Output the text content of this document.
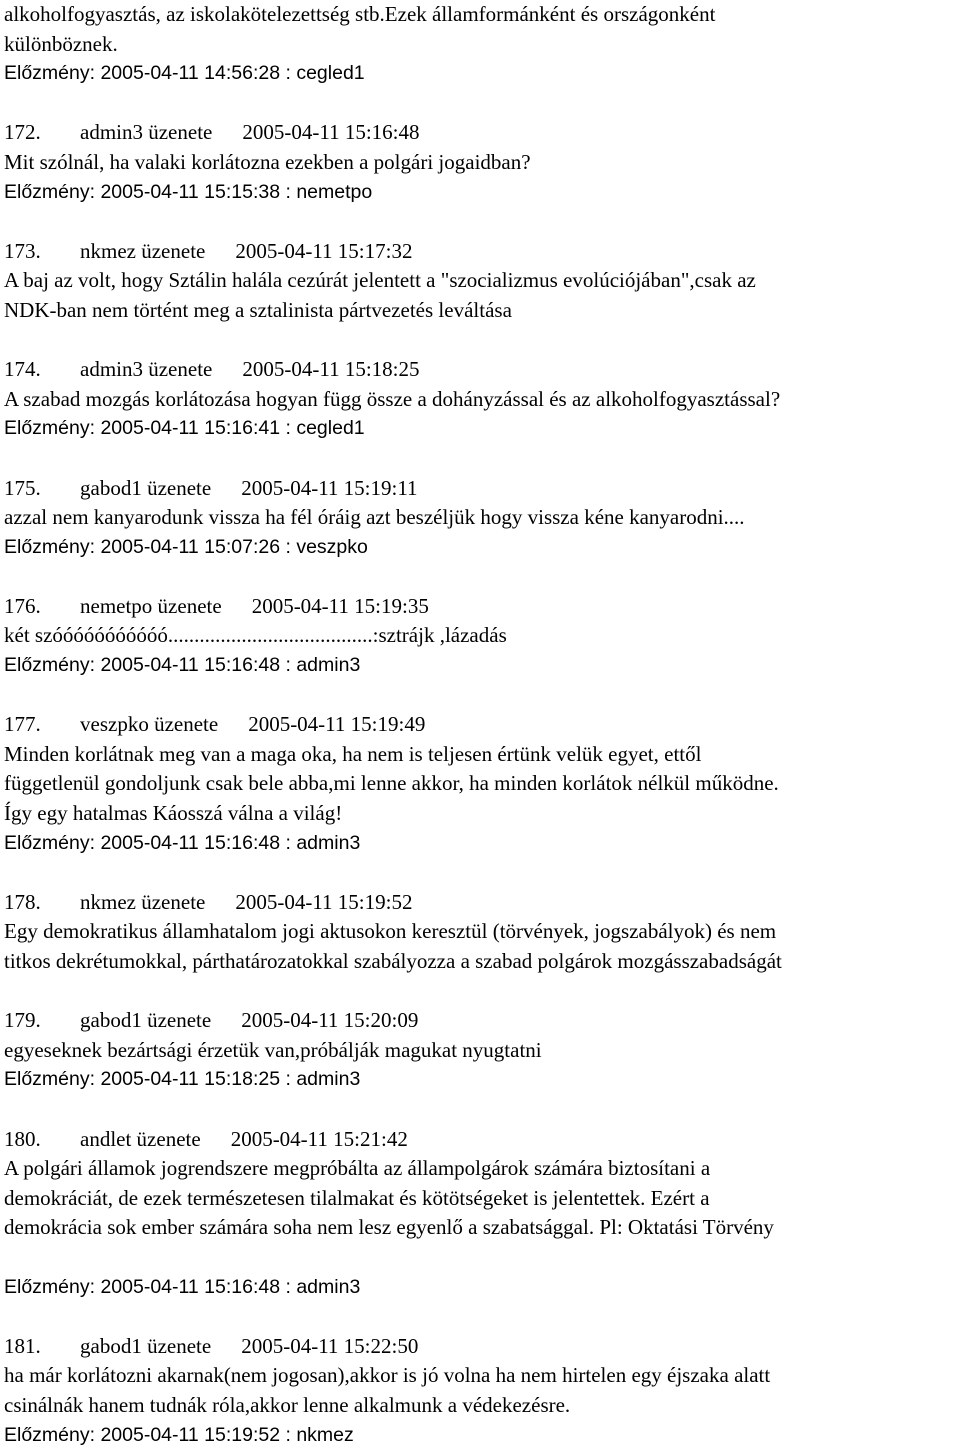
alkoholfogyasztás, az iskolakötelezettség stb.Ezek államformánként és országonként
különböznek.
Előzmény: 2005-04-11 14:56:28 : cegled1
172. admin3 üzenete 2005-04-11 15:16:48
Mit szólnál, ha valaki korlátozna ezekben a polgári jogaidban?
Előzmény: 2005-04-11 15:15:38 : nemetpo
173. nkmez üzenete 2005-04-11 15:17:32
A baj az volt, hogy Sztálin halála cezúrát jelentett a "szocializmus evolúciójában",csak az
NDK-ban nem történt meg a sztalinista pártvezetés leváltása
174. admin3 üzenete 2005-04-11 15:18:25
A szabad mozgás korlátozása hogyan függ össze a dohányzással és az alkoholfogyasztással?
Előzmény: 2005-04-11 15:16:41 : cegled1
175. gabod1 üzenete 2005-04-11 15:19:11
azzal nem kanyarodunk vissza ha fél óráig azt beszéljük hogy vissza kéne kanyarodni....
Előzmény: 2005-04-11 15:07:26 : veszpko
176. nemetpo üzenete 2005-04-11 15:19:35
két szóóóóóóóóóóó.......................................:sztrájk ,lázadás
Előzmény: 2005-04-11 15:16:48 : admin3
177. veszpko üzenete 2005-04-11 15:19:49
Minden korlátnak meg van a maga oka, ha nem is teljesen értünk velük egyet, ettől
függetlenül gondoljunk csak bele abba,mi lenne akkor, ha minden korlátok nélkül működne.
Így egy hatalmas Káosszá válna a világ!
Előzmény: 2005-04-11 15:16:48 : admin3
178. nkmez üzenete 2005-04-11 15:19:52
Egy demokratikus államhatalom jogi aktusokon keresztül (törvények, jogszabályok) és nem
titkos dekrétumokkal, párthatározatokkal szabályozza a szabad polgárok mozgásszabadságát
179. gabod1 üzenete 2005-04-11 15:20:09
egyeseknek bezártsági érzetük van,próbálják magukat nyugtatni
Előzmény: 2005-04-11 15:18:25 : admin3
180. andlet üzenete 2005-04-11 15:21:42
A polgári államok jogrendszere megpróbálta az állampolgárok számára biztosítani a
demokráciát, de ezek természetesen tilalmakat és kötötségeket is jelentettek. Ezért a
demokrácia sok ember számára soha nem lesz egyenlő a szabatsággal. Pl: Oktatási Törvény
Előzmény: 2005-04-11 15:16:48 : admin3
181. gabod1 üzenete 2005-04-11 15:22:50
ha már korlátozni akarnak(nem jogosan),akkor is jó volna ha nem hirtelen egy éjszaka alatt
csinálnák hanem tudnák róla,akkor lenne alkalmunk a védekezésre.
Előzmény: 2005-04-11 15:19:52 : nkmez
